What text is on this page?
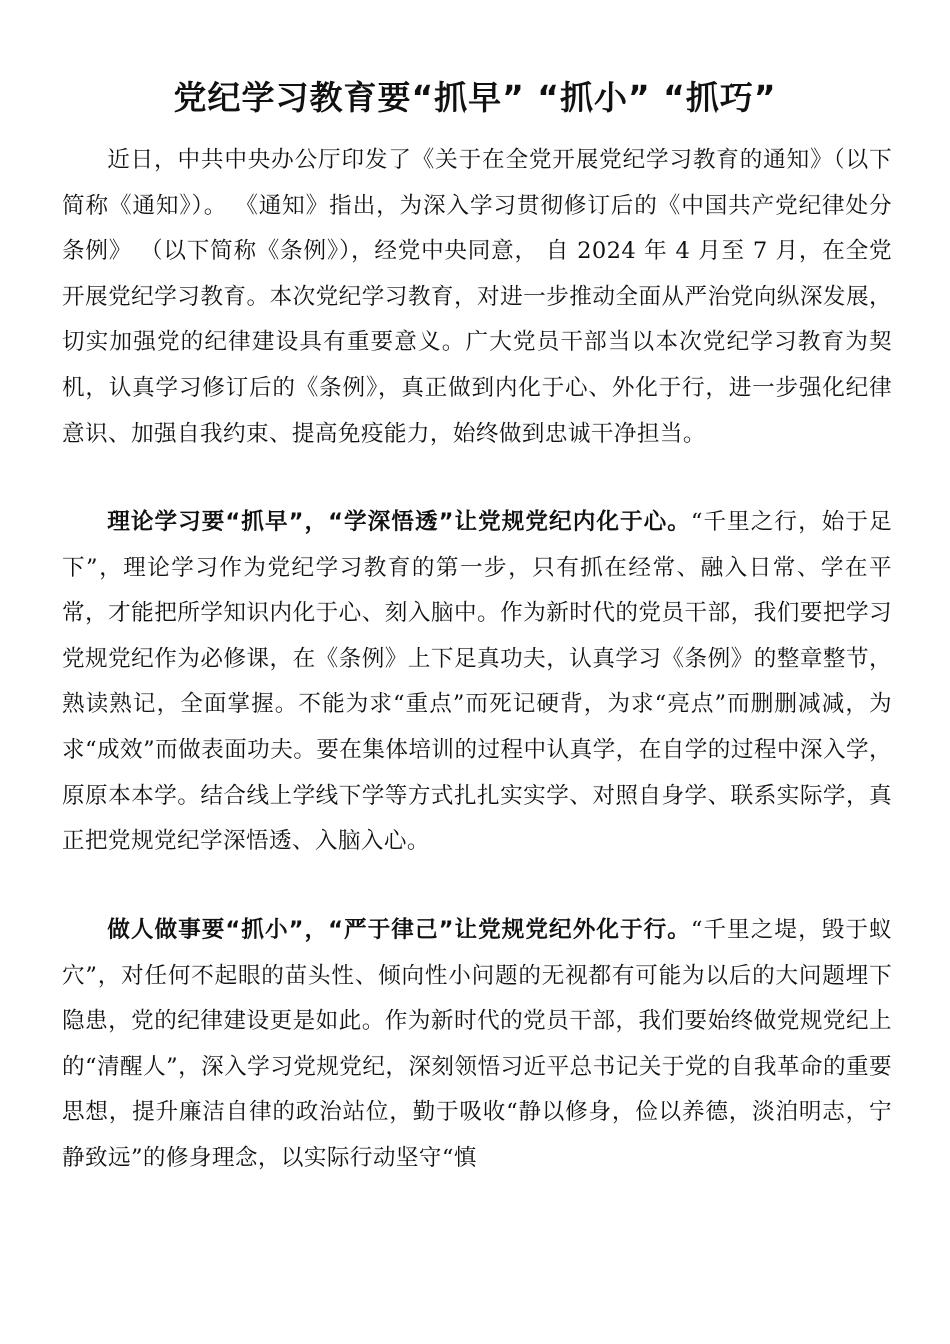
党纪学习教育要“抓早” “抓小” “抓巧”

近日，中共中央办公厅印发了《关于在全党开展党纪学习教育的通知》（以下简称《通知》）。 《通知》指出，为深入学习贯彻修订后的《中国共产党纪律处分条例》 （以下简称《条例》），经党中央同意， 自 2024 年 4 月至 7 月，在全党开展党纪学习教育。本次党纪学习教育，对进一步推动全面从严治党向纵深发展，切实加强党的纪律建设具有重要意义。广大党员干部当以本次党纪学习教育为契机，认真学习修订后的《条例》，真正做到内化于心、外化于行，进一步强化纪律意识、加强自我约束、提高免疫能力，始终做到忠诚干净担当。

理论学习要“抓早”，“学深悟透”让党规党纪内化于心。“千里之行，始于足下”，理论学习作为党纪学习教育的第一步，只有抓在经常、融入日常、学在平常，才能把所学知识内化于心、刻入脑中。作为新时代的党员干部，我们要把学习党规党纪作为必修课，在《条例》上下足真功夫，认真学习《条例》的整章整节，熟读熟记，全面掌握。不能为求“重点”而死记硬背，为求“亮点”而删删减减，为求“成效”而做表面功夫。要在集体培训的过程中认真学，在自学的过程中深入学，原原本本学。结合线上学线下学等方式扎扎实实学、对照自身学、联系实际学，真正把党规党纪学深悟透、入脑入心。

做人做事要“抓小”，“严于律己”让党规党纪外化于行。“千里之堤，毁于蚁穴”，对任何不起眼的苗头性、倾向性小问题的无视都有可能为以后的大问题埋下隐患，党的纪律建设更是如此。作为新时代的党员干部，我们要始终做党规党纪上的“清醒人”，深入学习党规党纪，深刻领悟习近平总书记关于党的自我革命的重要思想，提升廉洁自律的政治站位，勤于吸收“静以修身，俭以养德，淡泊明志，宁静致远”的修身理念，以实际行动坚守“慎
